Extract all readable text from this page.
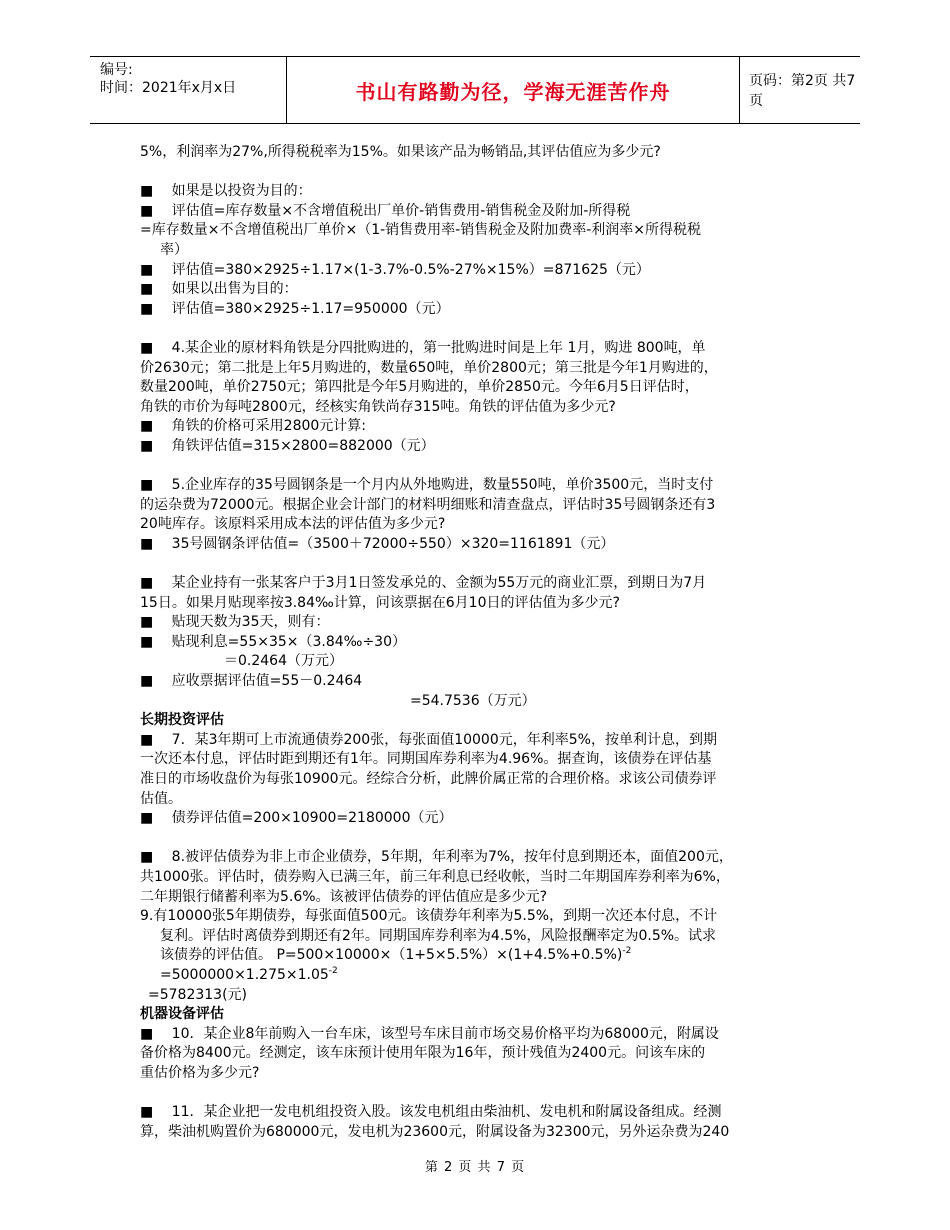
编号:
时间：2021年x月x日	书山有路勤为径，学海无涯苦作舟	页码：第2页 共7页

5%，利润率为27%,所得税税率为15%。如果该产品为畅销品,其评估值应为多少元?

■　 如果是以投资为目的：

■　 评估值=库存数量×不含增值税出厂单价-销售费用-销售税金及附加-所得税

=库存数量×不含增值税出厂单价×（1-销售费用率-销售税金及附加费率-利润率×所得税税

率）

■　 评估值=380×2925÷1.17×(1-3.7%-0.5%-27%×15%）=871625（元）

■　 如果以出售为目的：

■　 评估值=380×2925÷1.17=950000（元）

■　 4.某企业的原材料角铁是分四批购进的，第一批购进时间是上年 1月，购进 800吨，单

价2630元；第二批是上年5月购进的，数量650吨，单价2800元；第三批是今年1月购进的，

数量200吨，单价2750元；第四批是今年5月购进的，单价2850元。今年6月5日评估时，

角铁的市价为每吨2800元，经核实角铁尚存315吨。角铁的评估值为多少元?

■　 角铁的价格可采用2800元计算:

■　 角铁评估值=315×2800=882000（元）

■　 5.企业库存的35号圆钢条是一个月内从外地购进，数量550吨，单价3500元，当时支付

的运杂费为72000元。根据企业会计部门的材料明细账和清查盘点，评估时35号圆钢条还有3

20吨库存。该原料采用成本法的评估值为多少元?

■　 35号圆钢条评估值=（3500＋72000÷550）×320=1161891（元）

■　 某企业持有一张某客户于3月1日签发承兑的、金额为55万元的商业汇票，到期日为7月

15日。如果月贴现率按3.84‰计算，问该票据在6月10日的评估值为多少元?

■　 贴现天数为35天，则有：

■　 贴现利息=55×35×（3.84‰÷30）

＝0.2464（万元）

■　 应收票据评估值=55－0.2464

=54.7536（万元）

长期投资评估

■　 7．某3年期可上市流通债券200张，每张面值10000元，年利率5%，按单利计息，到期

一次还本付息，评估时距到期还有1年。同期国库券利率为4.96%。据查询，该债券在评估基

准日的市场收盘价为每张10900元。经综合分析，此牌价属正常的合理价格。求该公司债券评

估值。

■　 债券评估值=200×10900=2180000（元）

■　 8.被评估债券为非上市企业债券，5年期，年利率为7%，按年付息到期还本，面值200元，

共1000张。评估时，债券购入已满三年，前三年利息已经收帐，当时二年期国库券利率为6%，

二年期银行储蓄利率为5.6%。该被评估债券的评估值应是多少元?

9.有10000张5年期债券，每张面值500元。该债券年利率为5.5%，到期一次还本付息，不计

复利。评估时离债券到期还有2年。同期国库券利率为4.5%，风险报酬率定为0.5%。试求

该债券的评估值。 $P=500\times 10000\times(1+5\times 5.5\%)\times(1+4.5\%+0.5\%)^{-2}$

$=5000000\times 1.275\times 1.05^{-2}$

=5782313(元)

机器设备评估

■　 10．某企业8年前购入一台车床，该型号车床目前市场交易价格平均为68000元，附属设

备价格为8400元。经测定，该车床预计使用年限为16年，预计残值为2400元。问该车床的

重估价格为多少元?

■　 11．某企业把一发电机组投资入股。该发电机组由柴油机、发电机和附属设备组成。经测

算，柴油机购置价为680000元，发电机为23600元，附属设备为32300元，另外运杂费为240

第 2 页 共 7 页
